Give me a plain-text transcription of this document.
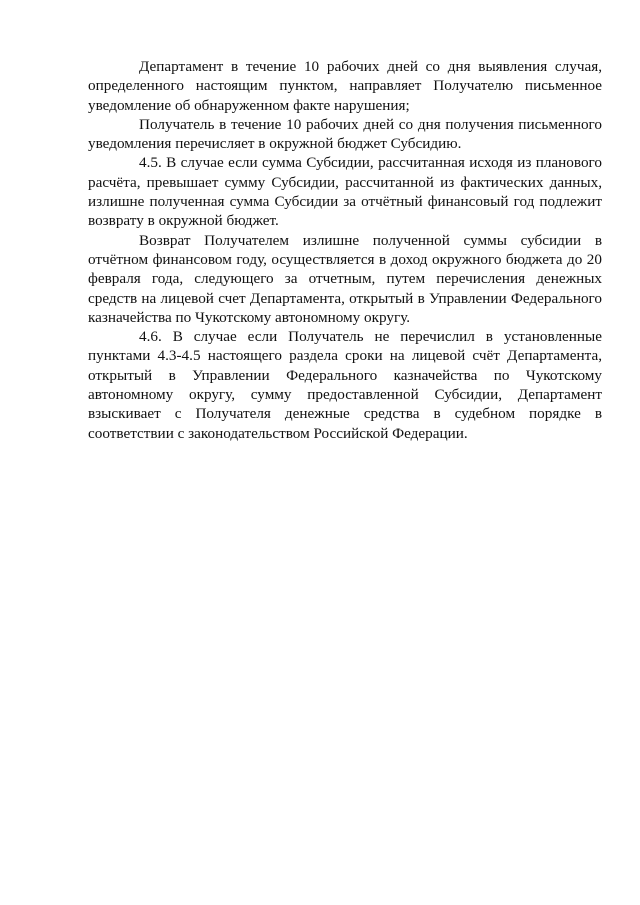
Департамент в течение 10 рабочих дней со дня выявления случая, определенного настоящим пунктом, направляет Получателю письменное уведомление об обнаруженном факте нарушения;

Получатель в течение 10 рабочих дней со дня получения письменного уведомления перечисляет в окружной бюджет Субсидию.

4.5. В случае если сумма Субсидии, рассчитанная исходя из планового расчёта, превышает сумму Субсидии, рассчитанной из фактических данных, излишне полученная сумма Субсидии за отчётный финансовый год подлежит возврату в окружной бюджет.

Возврат Получателем излишне полученной суммы субсидии в отчётном финансовом году, осуществляется в доход окружного бюджета до 20 февраля года, следующего за отчетным, путем перечисления денежных средств на лицевой счет Департамента, открытый в Управлении Федерального казначейства по Чукотскому автономному округу.

4.6. В случае если Получатель не перечислил в установленные пунктами 4.3-4.5 настоящего раздела сроки на лицевой счёт Департамента, открытый в Управлении Федерального казначейства по Чукотскому автономному округу, сумму предоставленной Субсидии, Департамент взыскивает с Получателя денежные средства в судебном порядке в соответствии с законодательством Российской Федерации.
